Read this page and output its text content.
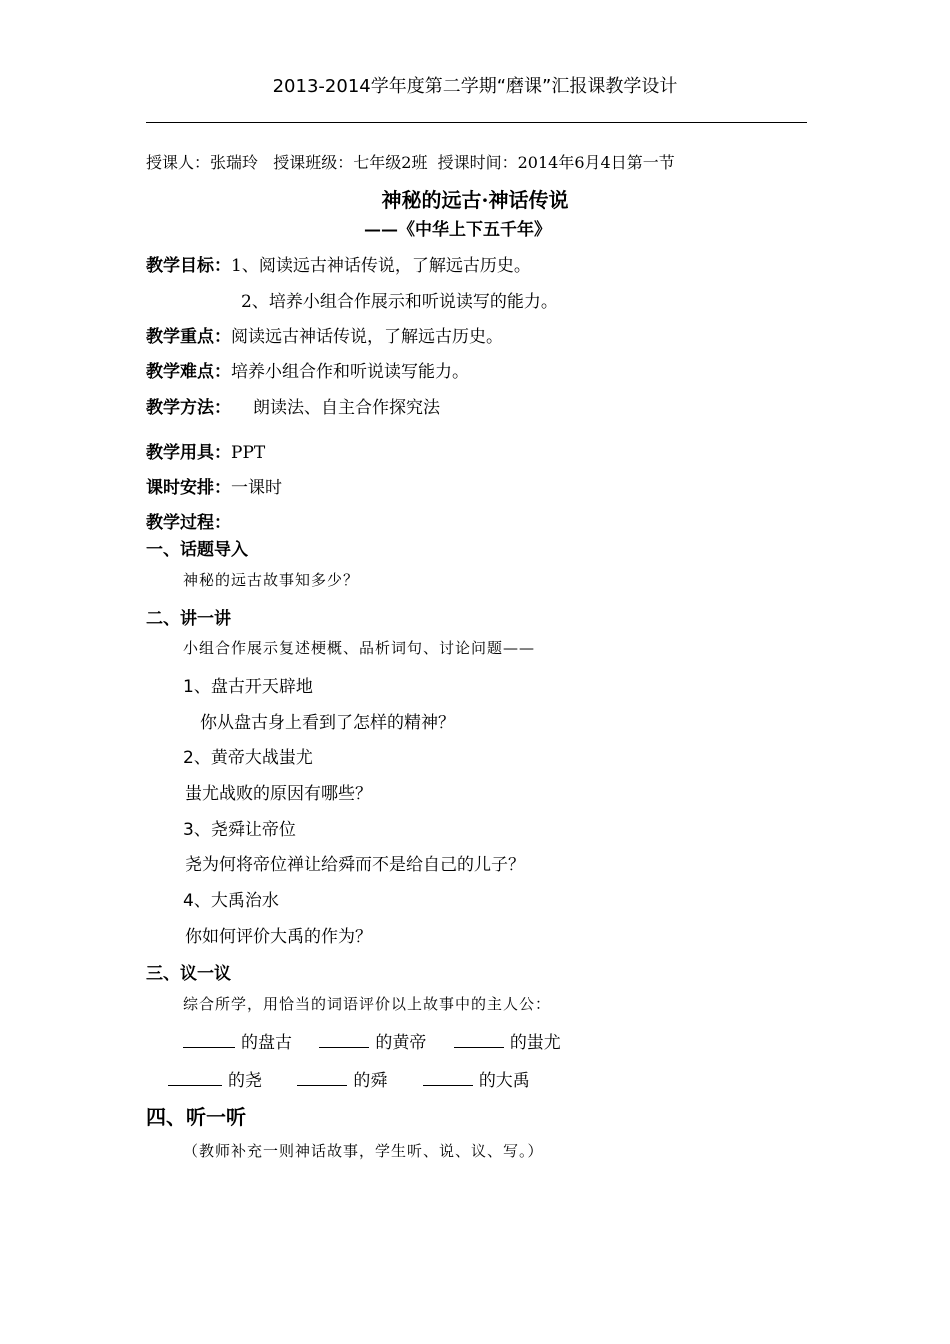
2013-2014学年度第二学期“磨课”汇报课教学设计
授课人：张瑞玲   授课班级：七年级2班  授课时间：2014年6月4日第一节
神秘的远古·神话传说
——《中华上下五千年》
教学目标：1、阅读远古神话传说，了解远古历史。
2、培养小组合作展示和听说读写的能力。
教学重点：阅读远古神话传说，了解远古历史。
教学难点：培养小组合作和听说读写能力。
教学方法： 朗读法、自主合作探究法
教学用具：PPT
课时安排：一课时
教学过程：
一、话题导入
神秘的远古故事知多少？
二、讲一讲
小组合作展示复述梗概、品析词句、讨论问题——
1、盘古开天辟地
你从盘古身上看到了怎样的精神？
2、黄帝大战蚩尤
蚩尤战败的原因有哪些？
3、尧舜让帝位
尧为何将帝位禅让给舜而不是给自己的儿子？
4、大禹治水
你如何评价大禹的作为？
三、议一议
综合所学，用恰当的词语评价以上故事中的主人公：
的盘古	的黄帝	的蚩尤
的尧	的舜	的大禹
四、听一听
（教师补充一则神话故事，学生听、说、议、写。）
